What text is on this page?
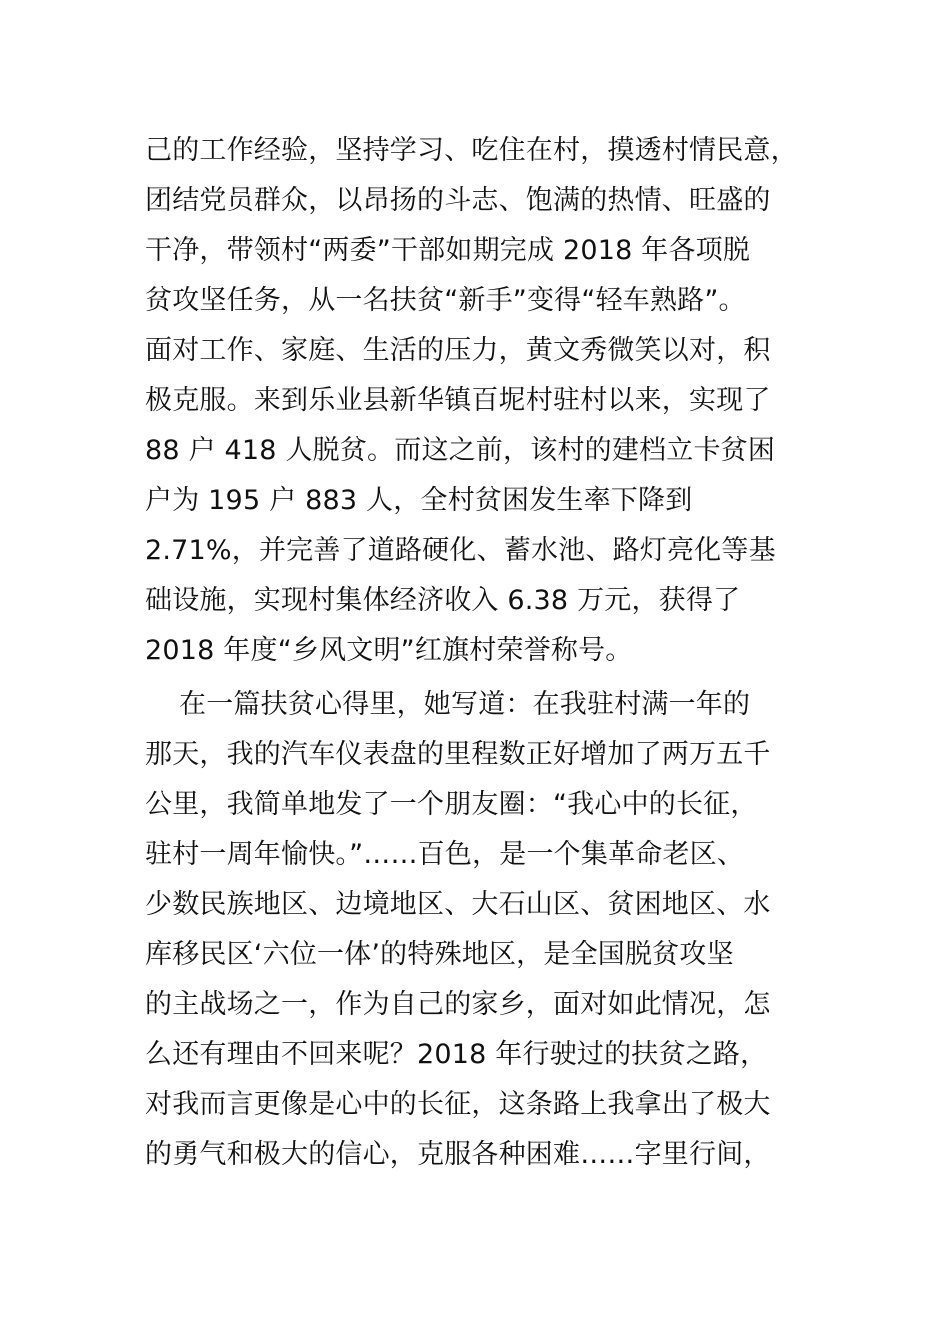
己的工作经验，坚持学习、吃住在村，摸透村情民意，
团结党员群众，以昂扬的斗志、饱满的热情、旺盛的
干净，带领村“两委”干部如期完成 2018 年各项脱
贫攻坚任务，从一名扶贫“新手”变得“轻车熟路”。
面对工作、家庭、生活的压力，黄文秀微笑以对，积
极克服。来到乐业县新华镇百坭村驻村以来，实现了
88 户 418 人脱贫。而这之前，该村的建档立卡贫困
户为 195 户 883 人，全村贫困发生率下降到
2.71%，并完善了道路硬化、蓄水池、路灯亮化等基
础设施，实现村集体经济收入 6.38 万元，获得了
2018 年度“乡风文明”红旗村荣誉称号。
在一篇扶贫心得里，她写道：在我驻村满一年的
那天，我的汽车仪表盘的里程数正好增加了两万五千
公里，我简单地发了一个朋友圈：“我心中的长征，
驻村一周年愉快。”……百色，是一个集革命老区、
少数民族地区、边境地区、大石山区、贫困地区、水
库移民区‘六位一体’的特殊地区，是全国脱贫攻坚
的主战场之一，作为自己的家乡，面对如此情况，怎
么还有理由不回来呢？2018 年行驶过的扶贫之路，
对我而言更像是心中的长征，这条路上我拿出了极大
的勇气和极大的信心，克服各种困难……字里行间，
